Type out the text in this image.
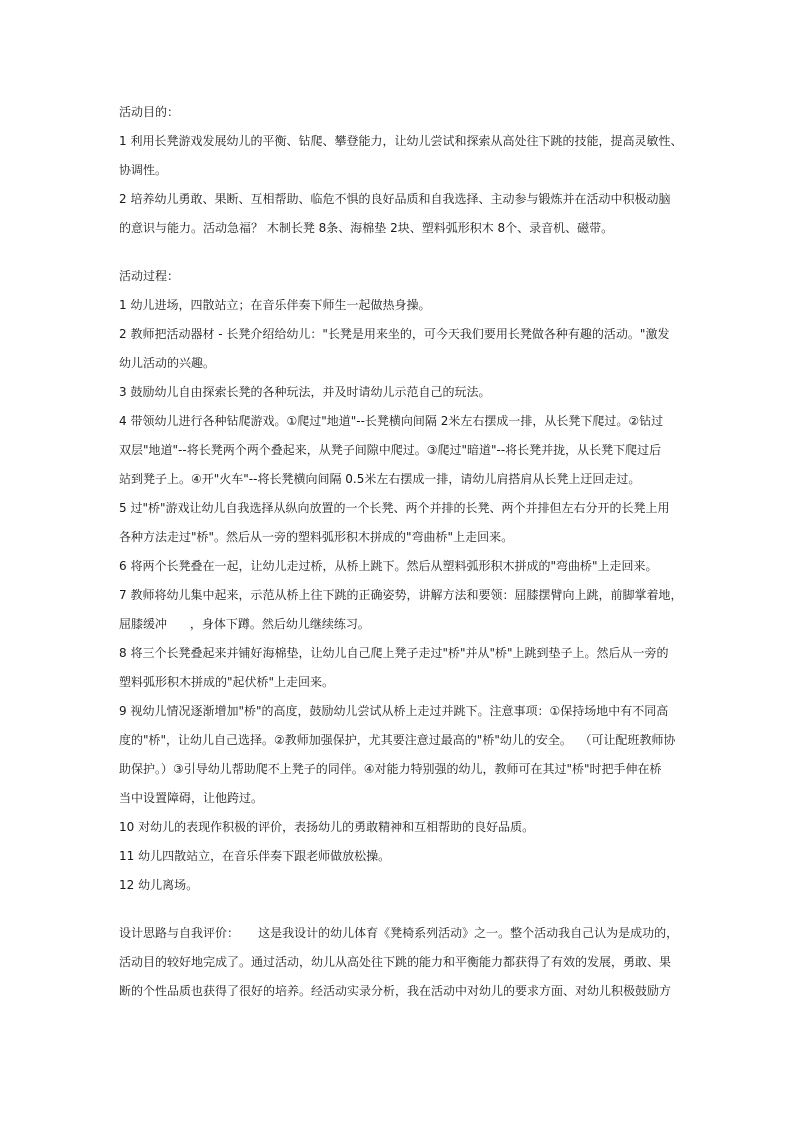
活动目的：
1 利用长凳游戏发展幼儿的平衡、钻爬、攀登能力，让幼儿尝试和探索从高处往下跳的技能，提高灵敏性、
协调性。
2 培养幼儿勇敢、果断、互相帮助、临危不惧的良好品质和自我选择、主动参与锻炼并在活动中积极动脑
的意识与能力。活动急福？ 木制长凳 8条、海棉垫 2块、塑料弧形积木 8个、录音机、磁带。
活动过程：
1 幼儿进场，四散站立；在音乐伴奏下师生一起做热身操。
2 教师把活动器材 - 长凳介绍给幼儿："长凳是用来坐的，可今天我们要用长凳做各种有趣的活动。"激发
幼儿活动的兴趣。
3 鼓励幼儿自由探索长凳的各种玩法，并及时请幼儿示范自己的玩法。
4 带领幼儿进行各种钻爬游戏。①爬过"地道"--长凳横向间隔 2米左右摆成一排，从长凳下爬过。②钻过
双层"地道"--将长凳两个两个叠起来，从凳子间隙中爬过。③爬过"暗道"--将长凳并拢，从长凳下爬过后
站到凳子上。④开"火车"--将长凳横向间隔 0.5米左右摆成一排，请幼儿肩搭肩从长凳上迂回走过。
5 过"桥"游戏让幼儿自我选择从纵向放置的一个长凳、两个并排的长凳、两个并排但左右分开的长凳上用
各种方法走过"桥"。然后从一旁的塑料弧形积木拼成的"弯曲桥"上走回来。
6 将两个长凳叠在一起，让幼儿走过桥，从桥上跳下。然后从塑料弧形积木拼成的"弯曲桥"上走回来。
7 教师将幼儿集中起来，示范从桥上往下跳的正确姿势，讲解方法和要领：屈膝摆臂向上跳，前脚掌着地，
屈膝缓冲      ，身体下蹲。然后幼儿继续练习。
8 将三个长凳叠起来并铺好海棉垫，让幼儿自己爬上凳子走过"桥"并从"桥"上跳到垫子上。然后从一旁的
塑料弧形积木拼成的"起伏桥"上走回来。
9 视幼儿情况逐渐增加"桥"的高度，鼓励幼儿尝试从桥上走过并跳下。注意事项：①保持场地中有不同高
度的"桥"，让幼儿自己选择。②教师加强保护，尤其要注意过最高的"桥"幼儿的安全。  （可让配班教师协
助保护。）③引导幼儿帮助爬不上凳子的同伴。④对能力特别强的幼儿，教师可在其过"桥"时把手伸在桥
当中设置障碍，让他跨过。
10 对幼儿的表现作积极的评价，表扬幼儿的勇敢精神和互相帮助的良好品质。
11 幼儿四散站立，在音乐伴奏下跟老师做放松操。
12 幼儿离场。
设计思路与自我评价：     这是我设计的幼儿体育《凳椅系列活动》之一。整个活动我自己认为是成功的，
活动目的较好地完成了。通过活动，幼儿从高处往下跳的能力和平衡能力都获得了有效的发展，勇敢、果
断的个性品质也获得了很好的培养。经活动实录分析，我在活动中对幼儿的要求方面、对幼儿积极鼓励方
